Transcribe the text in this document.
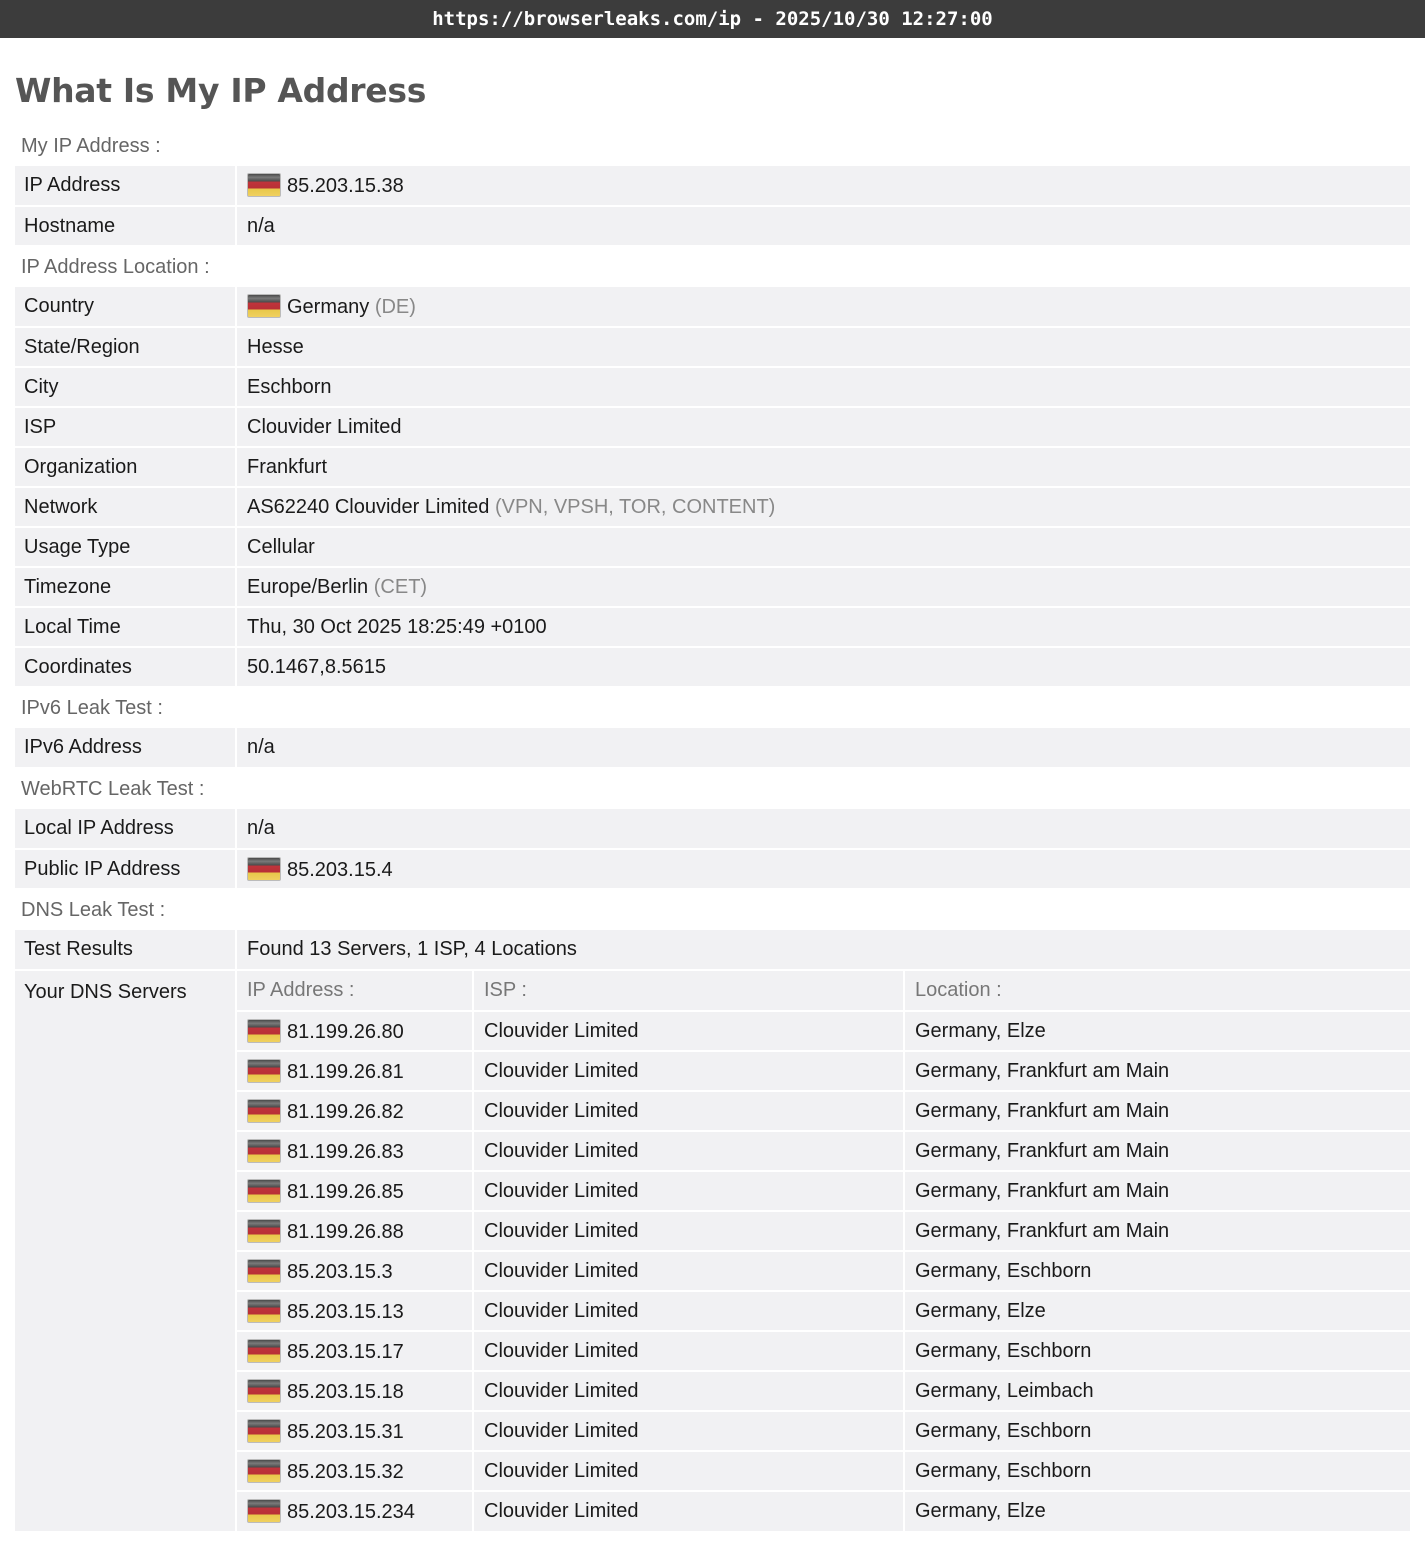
https://browserleaks.com/ip - 2025/10/30 12:27:00
What Is My IP Address
My IP Address :
IP Address	85.203.15.38
Hostname	n/a
IP Address Location :
Country	Germany (DE)
State/Region	Hesse
City	Eschborn
ISP	Clouvider Limited
Organization	Frankfurt
Network	AS62240 Clouvider Limited (VPN, VPSH, TOR, CONTENT)
Usage Type	Cellular
Timezone	Europe/Berlin (CET)
Local Time	Thu, 30 Oct 2025 18:25:49 +0100
Coordinates	50.1467,8.5615
IPv6 Leak Test :
IPv6 Address	n/a
WebRTC Leak Test :
Local IP Address	n/a
Public IP Address	85.203.15.4
DNS Leak Test :
Test Results	Found 13 Servers, 1 ISP, 4 Locations
Your DNS Servers		IP Address :	ISP :	Location :
81.199.26.80	Clouvider Limited	Germany, Elze
81.199.26.81	Clouvider Limited	Germany, Frankfurt am Main
81.199.26.82	Clouvider Limited	Germany, Frankfurt am Main
81.199.26.83	Clouvider Limited	Germany, Frankfurt am Main
81.199.26.85	Clouvider Limited	Germany, Frankfurt am Main
81.199.26.88	Clouvider Limited	Germany, Frankfurt am Main
85.203.15.3	Clouvider Limited	Germany, Eschborn
85.203.15.13	Clouvider Limited	Germany, Elze
85.203.15.17	Clouvider Limited	Germany, Eschborn
85.203.15.18	Clouvider Limited	Germany, Leimbach
85.203.15.31	Clouvider Limited	Germany, Eschborn
85.203.15.32	Clouvider Limited	Germany, Eschborn
85.203.15.234	Clouvider Limited	Germany, Elze
